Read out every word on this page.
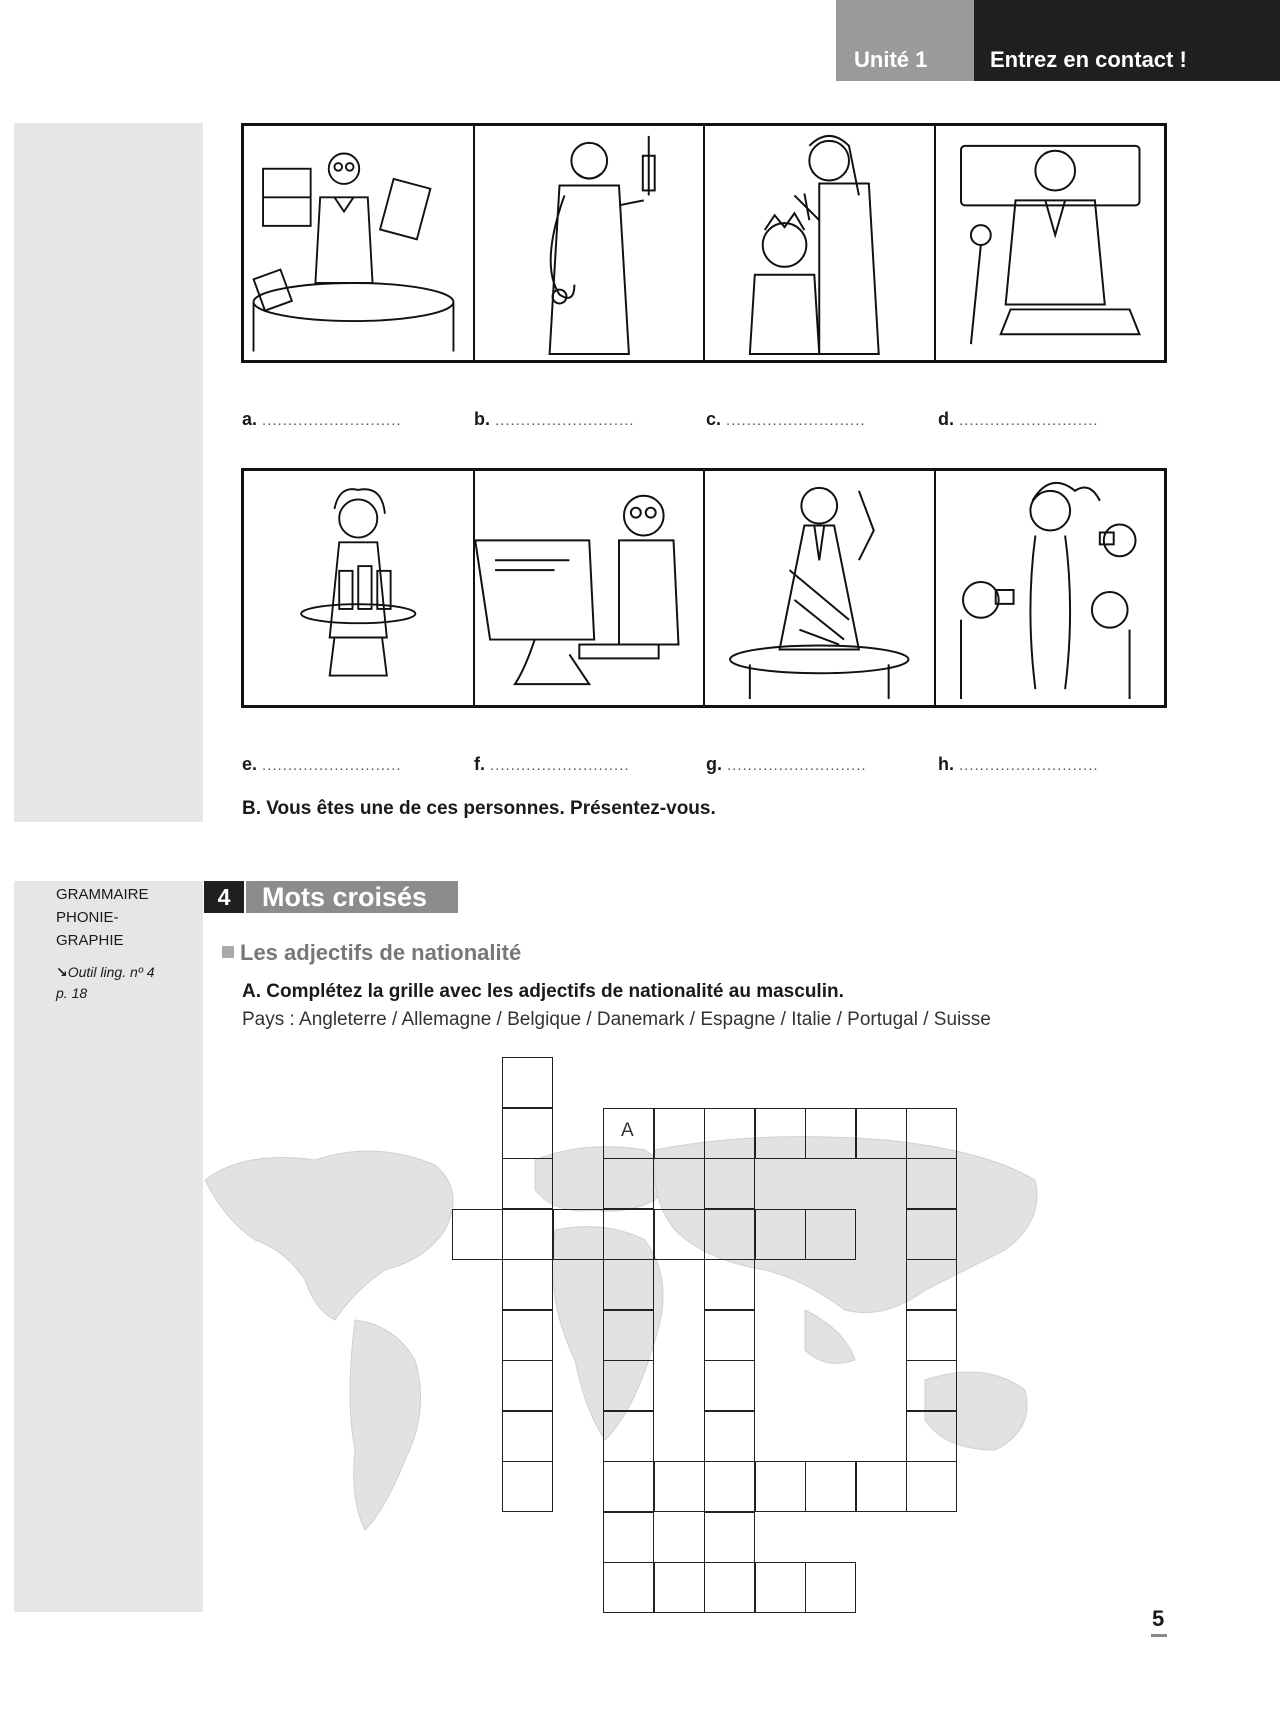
Unité 1	Entrez en contact !
GRAMMAIRE
PHONIE-
GRAPHIE
↘Outil ling. nº 4
p. 18
a. ...........................	b. ...........................	c. ...........................	d. ...........................
e. ...........................	f. ...........................	g. ...........................	h. ...........................
B. Vous êtes une de ces personnes. Présentez-vous.
4	Mots croisés
Les adjectifs de nationalité
A. Complétez la grille avec les adjectifs de nationalité au masculin.
Pays : Angleterre / Allemagne / Belgique / Danemark / Espagne / Italie / Portugal / Suisse
A
5
